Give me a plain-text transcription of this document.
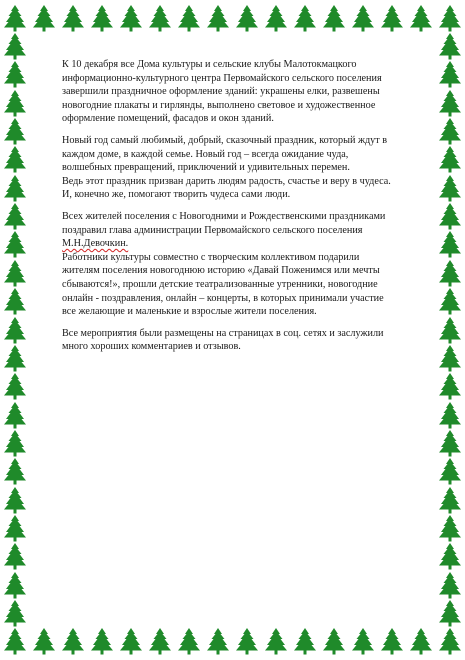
К 10 декабря все Дома культуры и сельские клубы Малотокмацкого
информационно-культурного центра Первомайского сельского поселения
завершили праздничное оформление зданий: украшены елки, развешены
новогодние плакаты и гирлянды, выполнено световое и художественное
оформление помещений, фасадов и окон зданий.

Новый год самый любимый, добрый, сказочный праздник, который ждут в
каждом доме, в каждой семье. Новый год – всегда ожидание чуда,
волшебных превращений, приключений и удивительных перемен.
Ведь этот праздник призван дарить людям радость, счастье и веру в чудеса.
И, конечно же, помогают творить чудеса сами люди.

Всех жителей поселения с Новогодними и Рождественскими праздниками
поздравил глава администрации Первомайского сельского поселения
М.Н.Девочкин.
Работники культуры совместно с творческим коллективом подарили
жителям поселения новогоднюю историю «Давай Поженимся или мечты
сбываются!», прошли детские театрализованные утренники, новогодние
онлайн - поздравления, онлайн – концерты, в которых принимали участие
все желающие и маленькие и взрослые жители поселения.

Все мероприятия были размещены на страницах в соц. сетях и заслужили
много хороших комментариев и отзывов.
